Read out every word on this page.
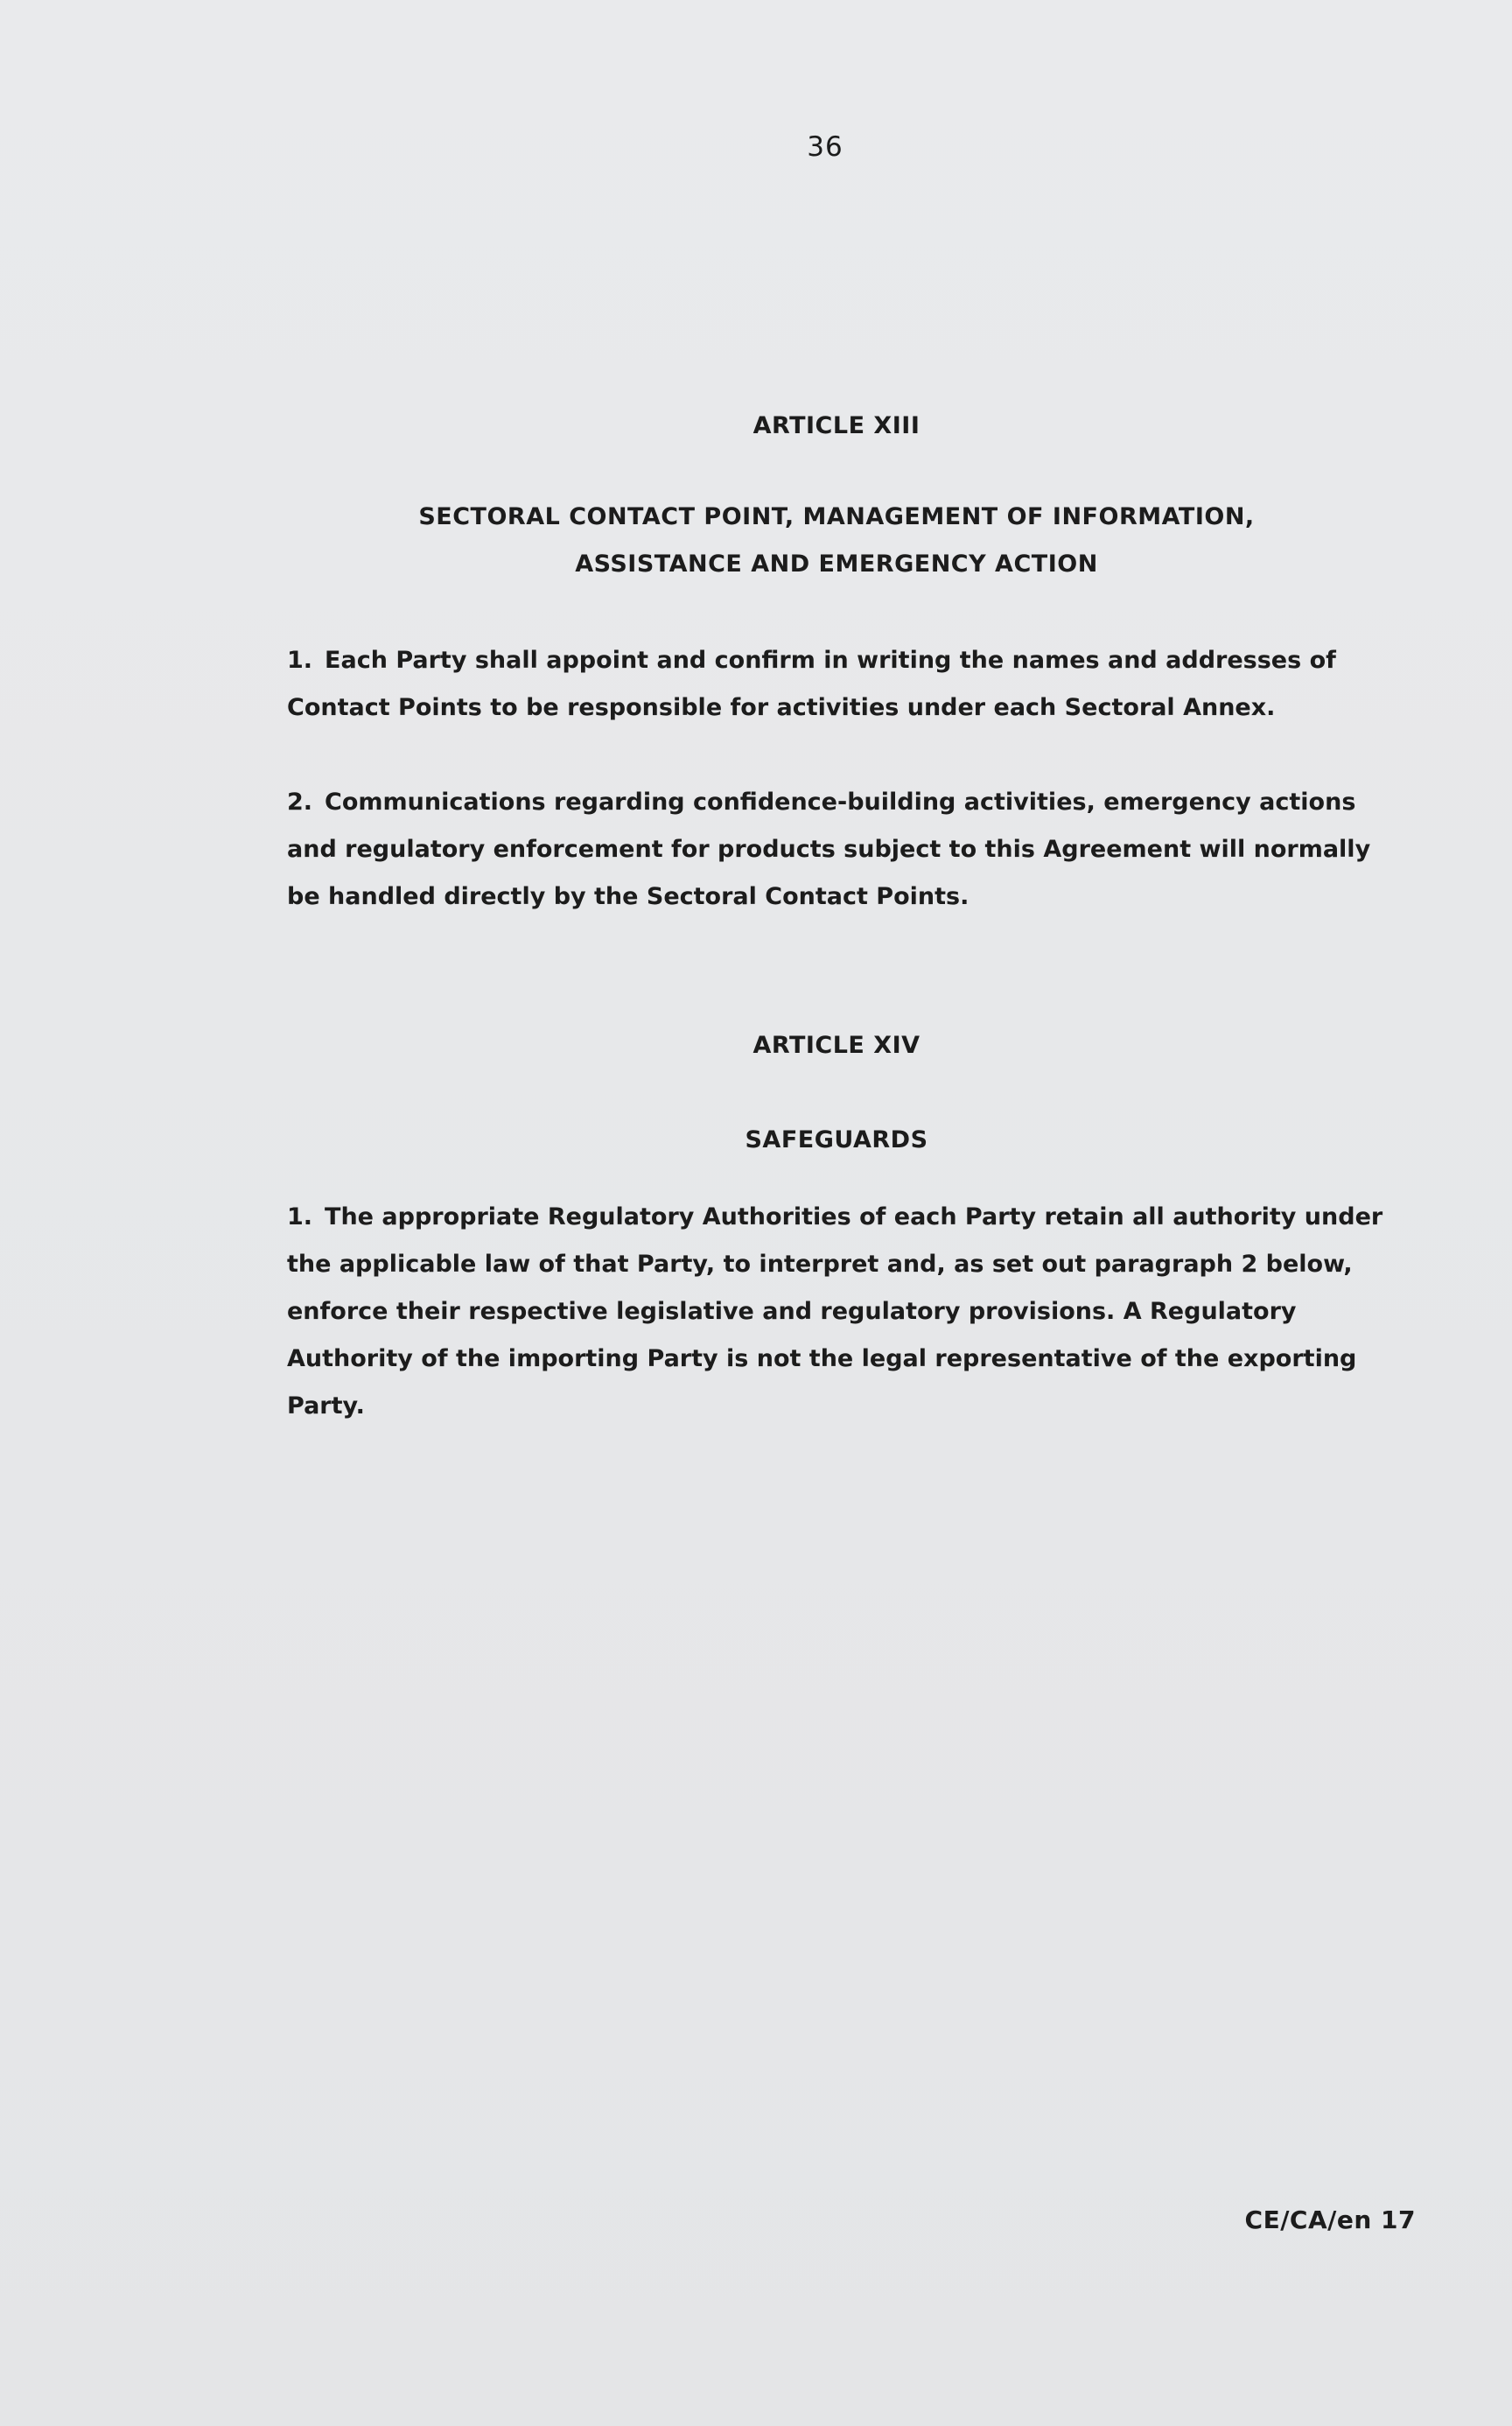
36

ARTICLE XIII

SECTORAL CONTACT POINT, MANAGEMENT OF INFORMATION,

ASSISTANCE AND EMERGENCY ACTION

1. Each Party shall appoint and confirm in writing the names and addresses of Contact Points to be responsible for activities under each Sectoral Annex.

2. Communications regarding confidence-building activities, emergency actions and regulatory enforcement for products subject to this Agreement will normally be handled directly by the Sectoral Contact Points.

ARTICLE XIV

SAFEGUARDS

1. The appropriate Regulatory Authorities of each Party retain all authority under the applicable law of that Party, to interpret and, as set out paragraph 2 below, enforce their respective legislative and regulatory provisions. A Regulatory Authority of the importing Party is not the legal representative of the exporting Party.

CE/CA/en 17
